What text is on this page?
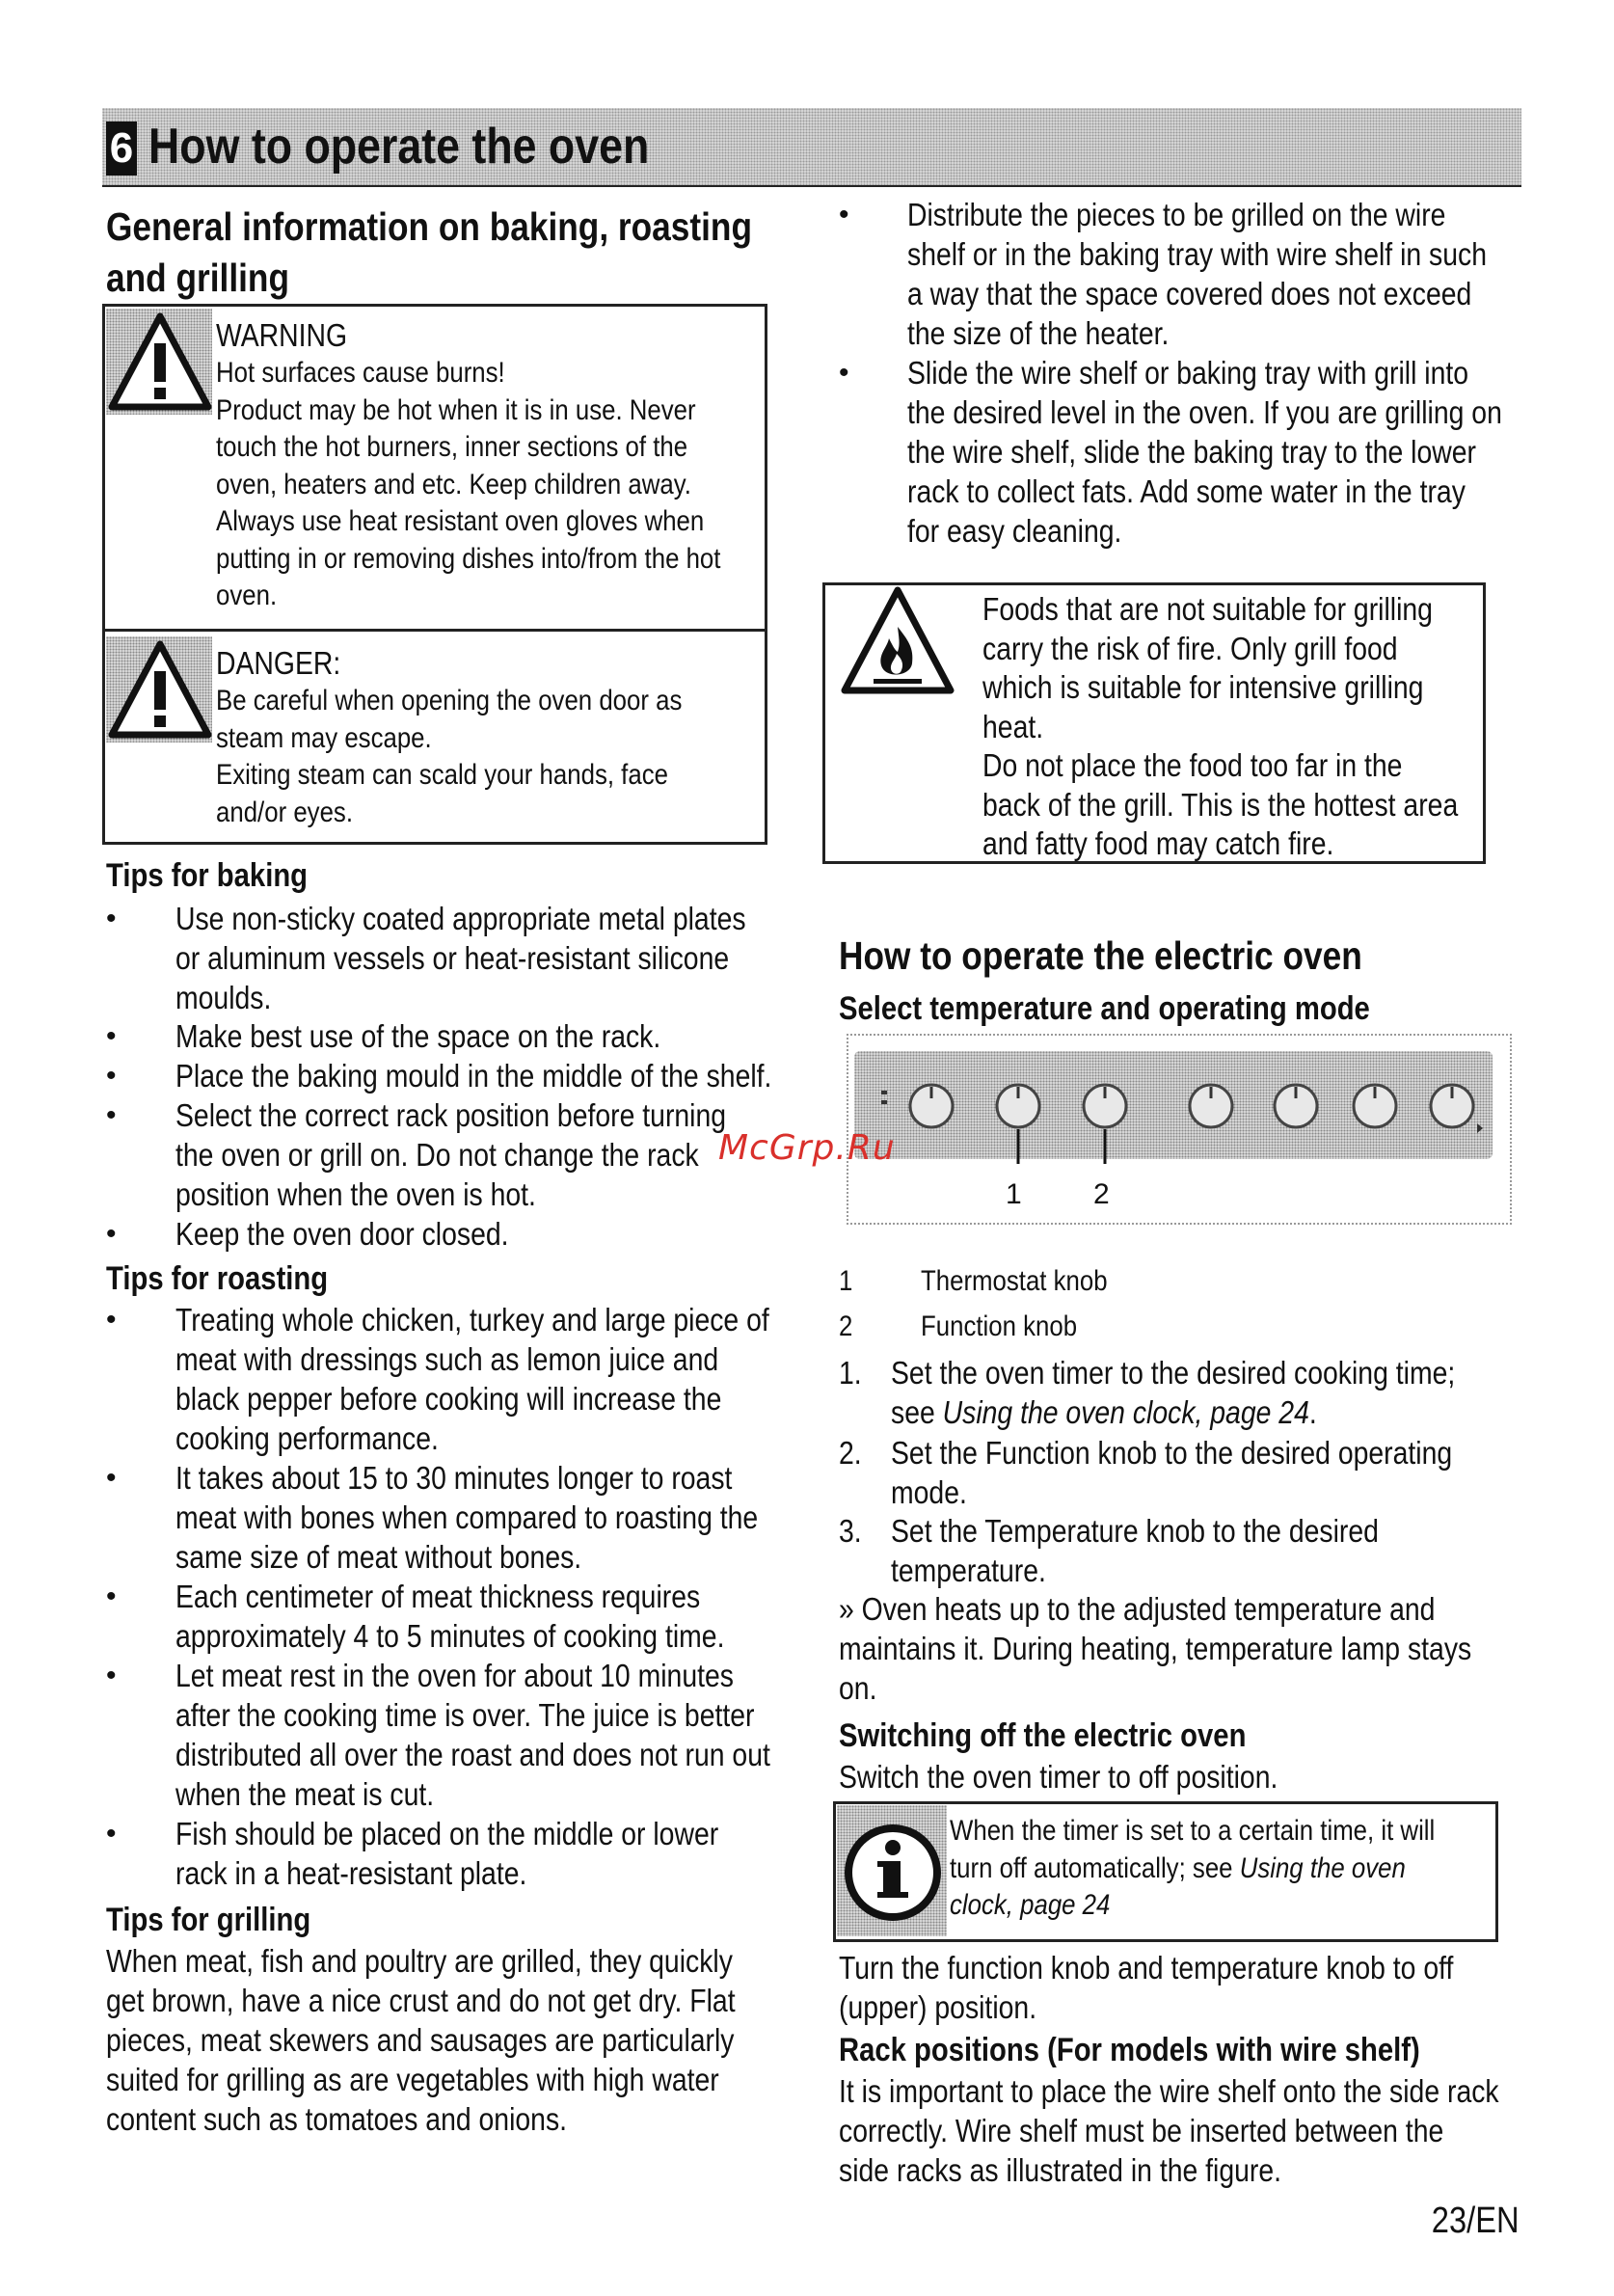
6 How to operate the oven
General information on baking, roasting
and grilling
WARNING
Hot surfaces cause burns!
Product may be hot when it is in use. Never
touch the hot burners, inner sections of the
oven, heaters and etc. Keep children away.
Always use heat resistant oven gloves when
putting in or removing dishes into/from the hot
oven.
DANGER:
Be careful when opening the oven door as
steam may escape.
Exiting steam can scald your hands, face
and/or eyes.
Tips for baking
• Use non-sticky coated appropriate metal plates
or aluminum vessels or heat-resistant silicone
moulds.
• Make best use of the space on the rack.
• Place the baking mould in the middle of the shelf.
• Select the correct rack position before turning
the oven or grill on. Do not change the rack
position when the oven is hot.
• Keep the oven door closed.
Tips for roasting
• Treating whole chicken, turkey and large piece of
meat with dressings such as lemon juice and
black pepper before cooking will increase the
cooking performance.
• It takes about 15 to 30 minutes longer to roast
meat with bones when compared to roasting the
same size of meat without bones.
• Each centimeter of meat thickness requires
approximately 4 to 5 minutes of cooking time.
• Let meat rest in the oven for about 10 minutes
after the cooking time is over. The juice is better
distributed all over the roast and does not run out
when the meat is cut.
• Fish should be placed on the middle or lower
rack in a heat-resistant plate.
Tips for grilling
When meat, fish and poultry are grilled, they quickly
get brown, have a nice crust and do not get dry. Flat
pieces, meat skewers and sausages are particularly
suited for grilling as are vegetables with high water
content such as tomatoes and onions.
• Distribute the pieces to be grilled on the wire
shelf or in the baking tray with wire shelf in such
a way that the space covered does not exceed
the size of the heater.
• Slide the wire shelf or baking tray with grill into
the desired level in the oven. If you are grilling on
the wire shelf, slide the baking tray to the lower
rack to collect fats. Add some water in the tray
for easy cleaning.
Foods that are not suitable for grilling
carry the risk of fire. Only grill food
which is suitable for intensive grilling
heat.
Do not place the food too far in the
back of the grill. This is the hottest area
and fatty food may catch fire.
How to operate the electric oven
Select temperature and operating mode
1 2
1 Thermostat knob
2 Function knob
1. Set the oven timer to the desired cooking time;
see Using the oven clock, page 24.
2. Set the Function knob to the desired operating
mode.
3. Set the Temperature knob to the desired
temperature.
» Oven heats up to the adjusted temperature and
maintains it. During heating, temperature lamp stays
on.
Switching off the electric oven
Switch the oven timer to off position.
When the timer is set to a certain time, it will
turn off automatically; see Using the oven
clock, page 24
Turn the function knob and temperature knob to off
(upper) position.
Rack positions (For models with wire shelf)
It is important to place the wire shelf onto the side rack
correctly. Wire shelf must be inserted between the
side racks as illustrated in the figure.
McGrp.Ru
23/EN
